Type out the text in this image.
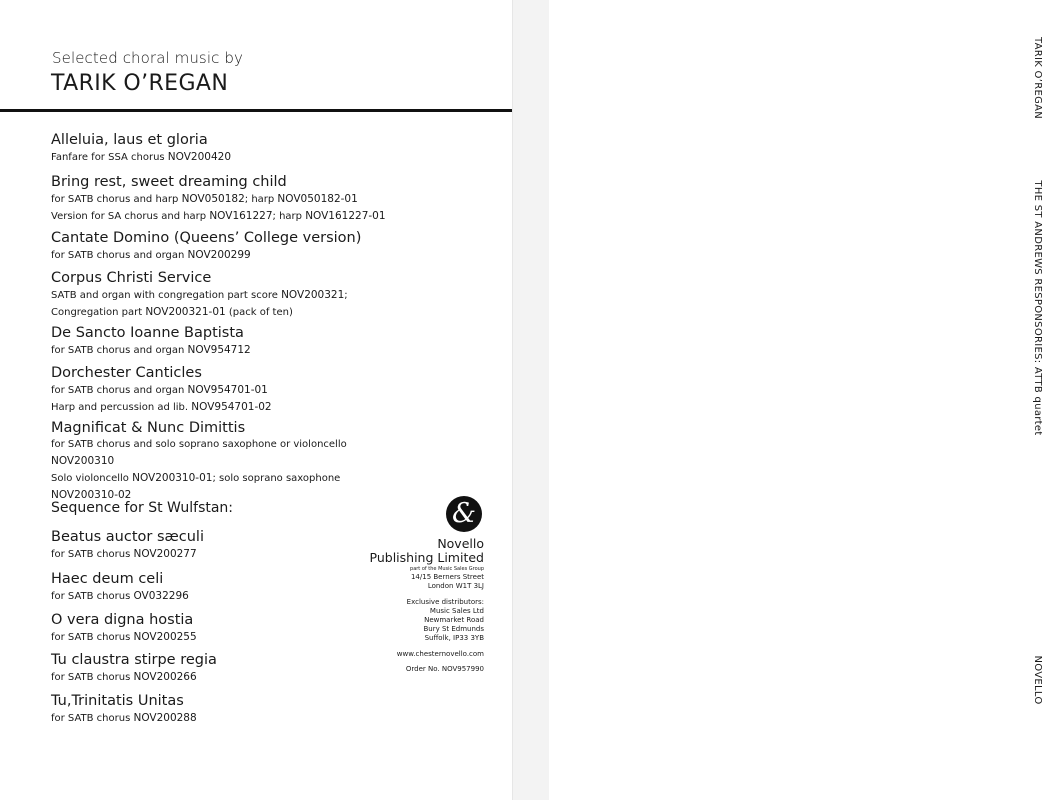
Selected choral music by
TARIK O’REGAN
Alleluia, laus et gloria
Fanfare for SSA chorus NOV200420
Bring rest, sweet dreaming child
for SATB chorus and harp NOV050182; harp NOV050182-01
Version for SA chorus and harp NOV161227; harp NOV161227-01
Cantate Domino (Queens’ College version)
for SATB chorus and organ NOV200299
Corpus Christi Service
SATB and organ with congregation part score NOV200321;
Congregation part NOV200321-01 (pack of ten)
De Sancto Ioanne Baptista
for SATB chorus and organ NOV954712
Dorchester Canticles
for SATB chorus and organ NOV954701-01
Harp and percussion ad lib. NOV954701-02
Magnificat & Nunc Dimittis
for SATB chorus and solo soprano saxophone or violoncello
NOV200310
Solo violoncello NOV200310-01; solo soprano saxophone
NOV200310-02
Sequence for St Wulfstan:
Beatus auctor sæculi
for SATB chorus NOV200277
Haec deum celi
for SATB chorus OV032296
O vera digna hostia
for SATB chorus NOV200255
Tu claustra stirpe regia
for SATB chorus NOV200266
Tu,Trinitatis Unitas
for SATB chorus NOV200288
&
Novello
Publishing Limited
part of the Music Sales Group
14/15 Berners Street
London W1T 3LJ
Exclusive distributors:
Music Sales Ltd
Newmarket Road
Bury St Edmunds
Suffolk, IP33 3YB
www.chesternovello.com
Order No. NOV957990
TARIK O’REGAN
THE ST ANDREWS RESPONSORIES: ATTB quartet
NOVELLO
